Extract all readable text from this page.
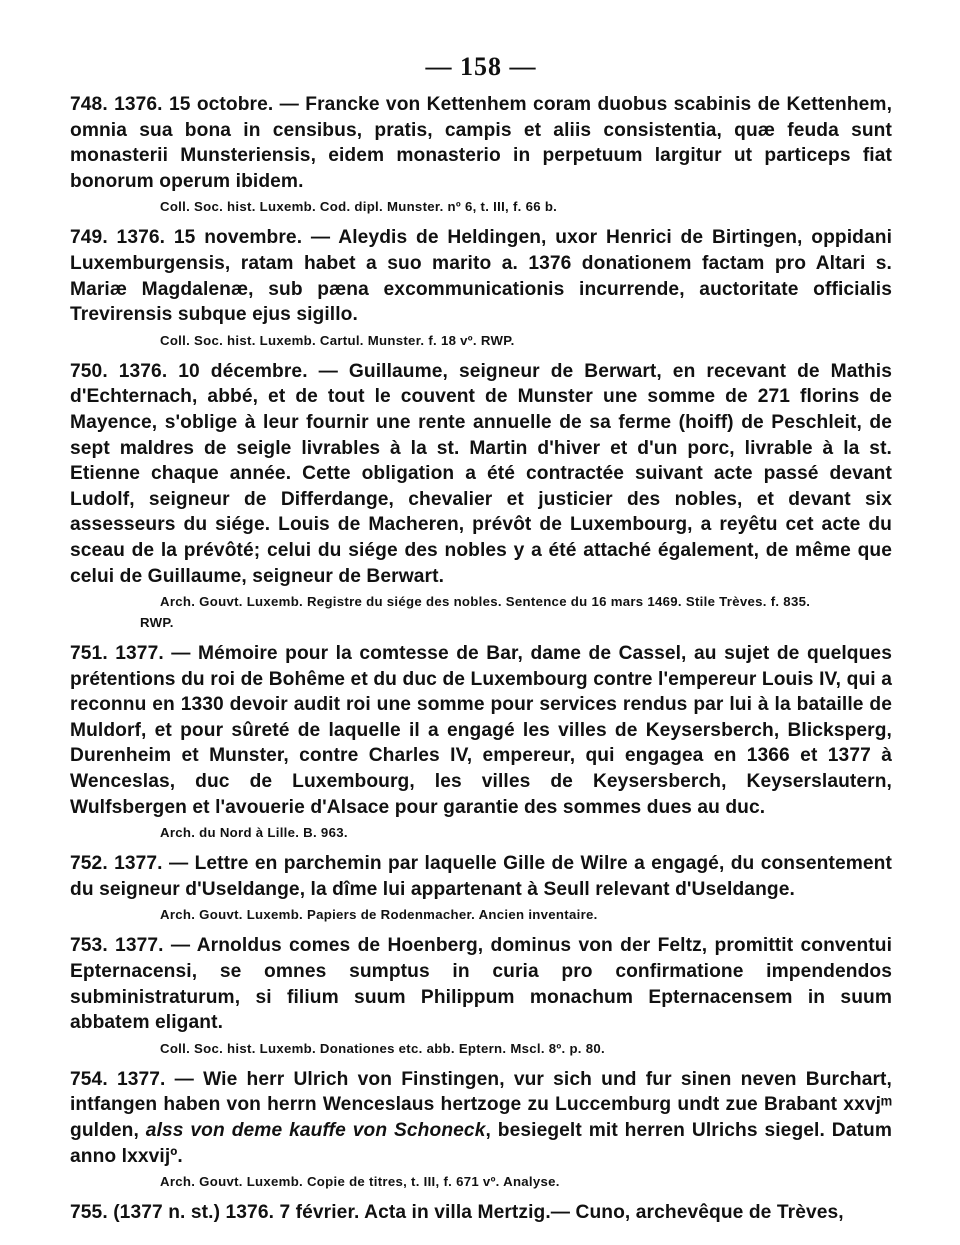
— 158 —

748. 1376. 15 octobre. — Francke von Kettenhem coram duobus scabinis de Kettenhem, omnia sua bona in censibus, pratis, campis et aliis consistentia, quæ feuda sunt monasterii Munsteriensis, eidem monasterio in perpetuum largitur ut particeps fiat bonorum operum ibidem.

Coll. Soc. hist. Luxemb. Cod. dipl. Munster. nº 6, t. III, f. 66 b.

749. 1376. 15 novembre. — Aleydis de Heldingen, uxor Henrici de Birtingen, oppidani Luxemburgensis, ratam habet a suo marito a. 1376 donationem factam pro Altari s. Mariæ Magdalenæ, sub pæna excommunicationis incurrende, auctoritate officialis Trevirensis subque ejus sigillo.

Coll. Soc. hist. Luxemb. Cartul. Munster. f. 18 vº. RWP.

750. 1376. 10 décembre. — Guillaume, seigneur de Berwart, en recevant de Mathis d'Echternach, abbé, et de tout le couvent de Munster une somme de 271 florins de Mayence, s'oblige à leur fournir une rente annuelle de sa ferme (hoiff) de Peschleit, de sept maldres de seigle livrables à la st. Martin d'hiver et d'un porc, livrable à la st. Etienne chaque année. Cette obligation a été contractée suivant acte passé devant Ludolf, seigneur de Differdange, chevalier et justicier des nobles, et devant six assesseurs du siége. Louis de Macheren, prévôt de Luxembourg, a reyêtu cet acte du sceau de la prévôté; celui du siége des nobles y a été attaché également, de même que celui de Guillaume, seigneur de Berwart.

Arch. Gouvt. Luxemb. Registre du siége des nobles. Sentence du 16 mars 1469. Stile Trèves. f. 835.
RWP.

751. 1377. — Mémoire pour la comtesse de Bar, dame de Cassel, au sujet de quelques prétentions du roi de Bohême et du duc de Luxembourg contre l'empereur Louis IV, qui a reconnu en 1330 devoir audit roi une somme pour services rendus par lui à la bataille de Muldorf, et pour sûreté de laquelle il a engagé les villes de Keysersberch, Blicksperg, Durenheim et Munster, contre Charles IV, empereur, qui engagea en 1366 et 1377 à Wenceslas, duc de Luxembourg, les villes de Keysersberch, Keyserslautern, Wulfsbergen et l'avouerie d'Alsace pour garantie des sommes dues au duc.

Arch. du Nord à Lille. B. 963.

752. 1377. — Lettre en parchemin par laquelle Gille de Wilre a engagé, du consentement du seigneur d'Useldange, la dîme lui appartenant à Seull relevant d'Useldange.

Arch. Gouvt. Luxemb. Papiers de Rodenmacher. Ancien inventaire.

753. 1377. — Arnoldus comes de Hoenberg, dominus von der Feltz, promittit conventui Epternacensi, se omnes sumptus in curia pro confirmatione impendendos subministraturum, si filium suum Philippum monachum Epternacensem in suum abbatem eligant.

Coll. Soc. hist. Luxemb. Donationes etc. abb. Eptern. Mscl. 8º. p. 80.

754. 1377. — Wie herr Ulrich von Finstingen, vur sich und fur sinen neven Burchart, intfangen haben von herrn Wenceslaus hertzoge zu Luccemburg undt zue Brabant xxvjᵐ gulden, alss von deme kauffe von Schoneck, besiegelt mit herren Ulrichs siegel. Datum anno lxxvijº.

Arch. Gouvt. Luxemb. Copie de titres, t. III, f. 671 vº. Analyse.

755. (1377 n. st.) 1376. 7 février. Acta in villa Mertzig.— Cuno, archevêque de Trèves,
